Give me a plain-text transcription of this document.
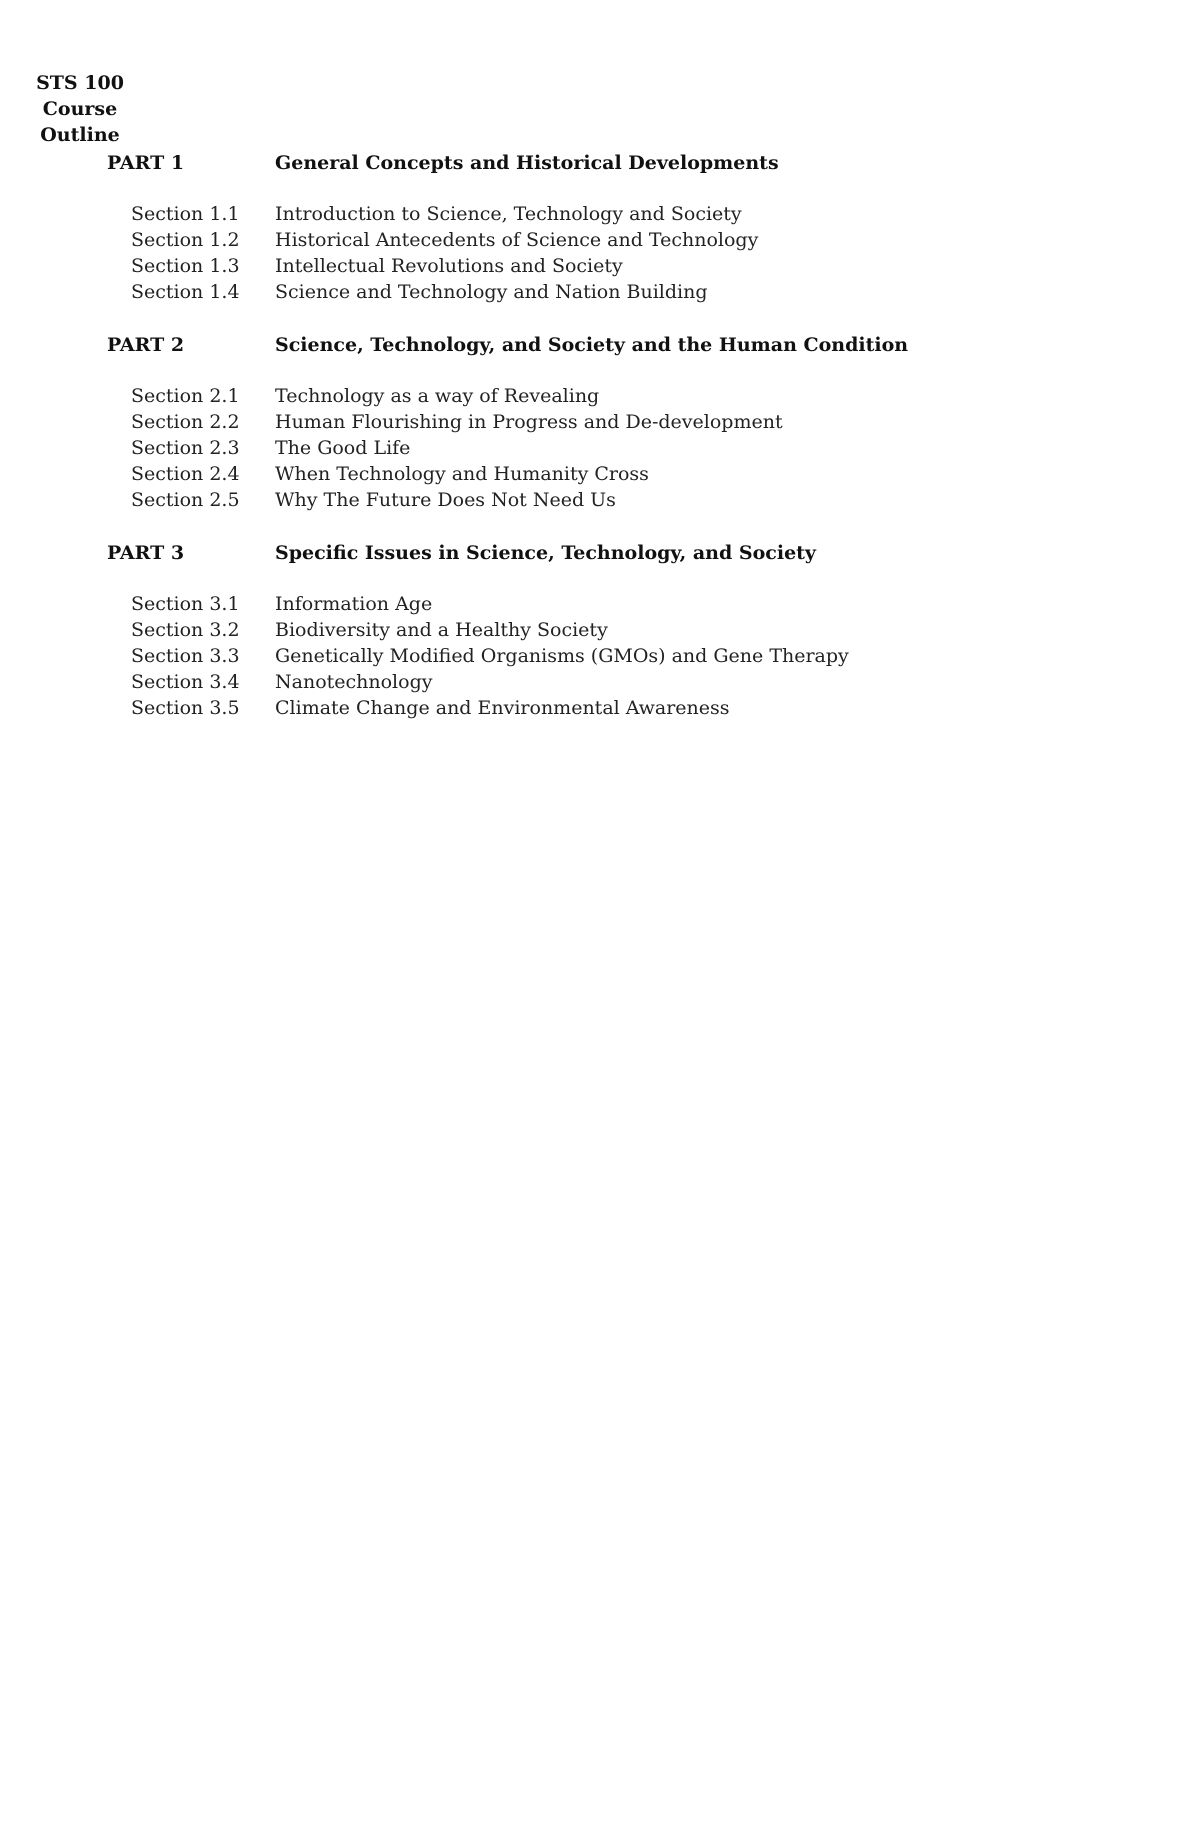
STS 100
Course Outline
PART 1	General Concepts and Historical Developments
Section 1.1 Introduction to Science, Technology and Society
Section 1.2 Historical Antecedents of Science and Technology
Section 1.3 Intellectual Revolutions and Society
Section 1.4 Science and Technology and Nation Building
PART 2	Science, Technology, and Society and the Human Condition
Section 2.1 Technology as a way of Revealing
Section 2.2 Human Flourishing in Progress and De-development
Section 2.3 The Good Life
Section 2.4 When Technology and Humanity Cross
Section 2.5 Why The Future Does Not Need Us
PART 3	Specific Issues in Science, Technology, and Society
Section 3.1 Information Age
Section 3.2 Biodiversity and a Healthy Society
Section 3.3 Genetically Modified Organisms (GMOs) and Gene Therapy
Section 3.4 Nanotechnology
Section 3.5 Climate Change and Environmental Awareness
